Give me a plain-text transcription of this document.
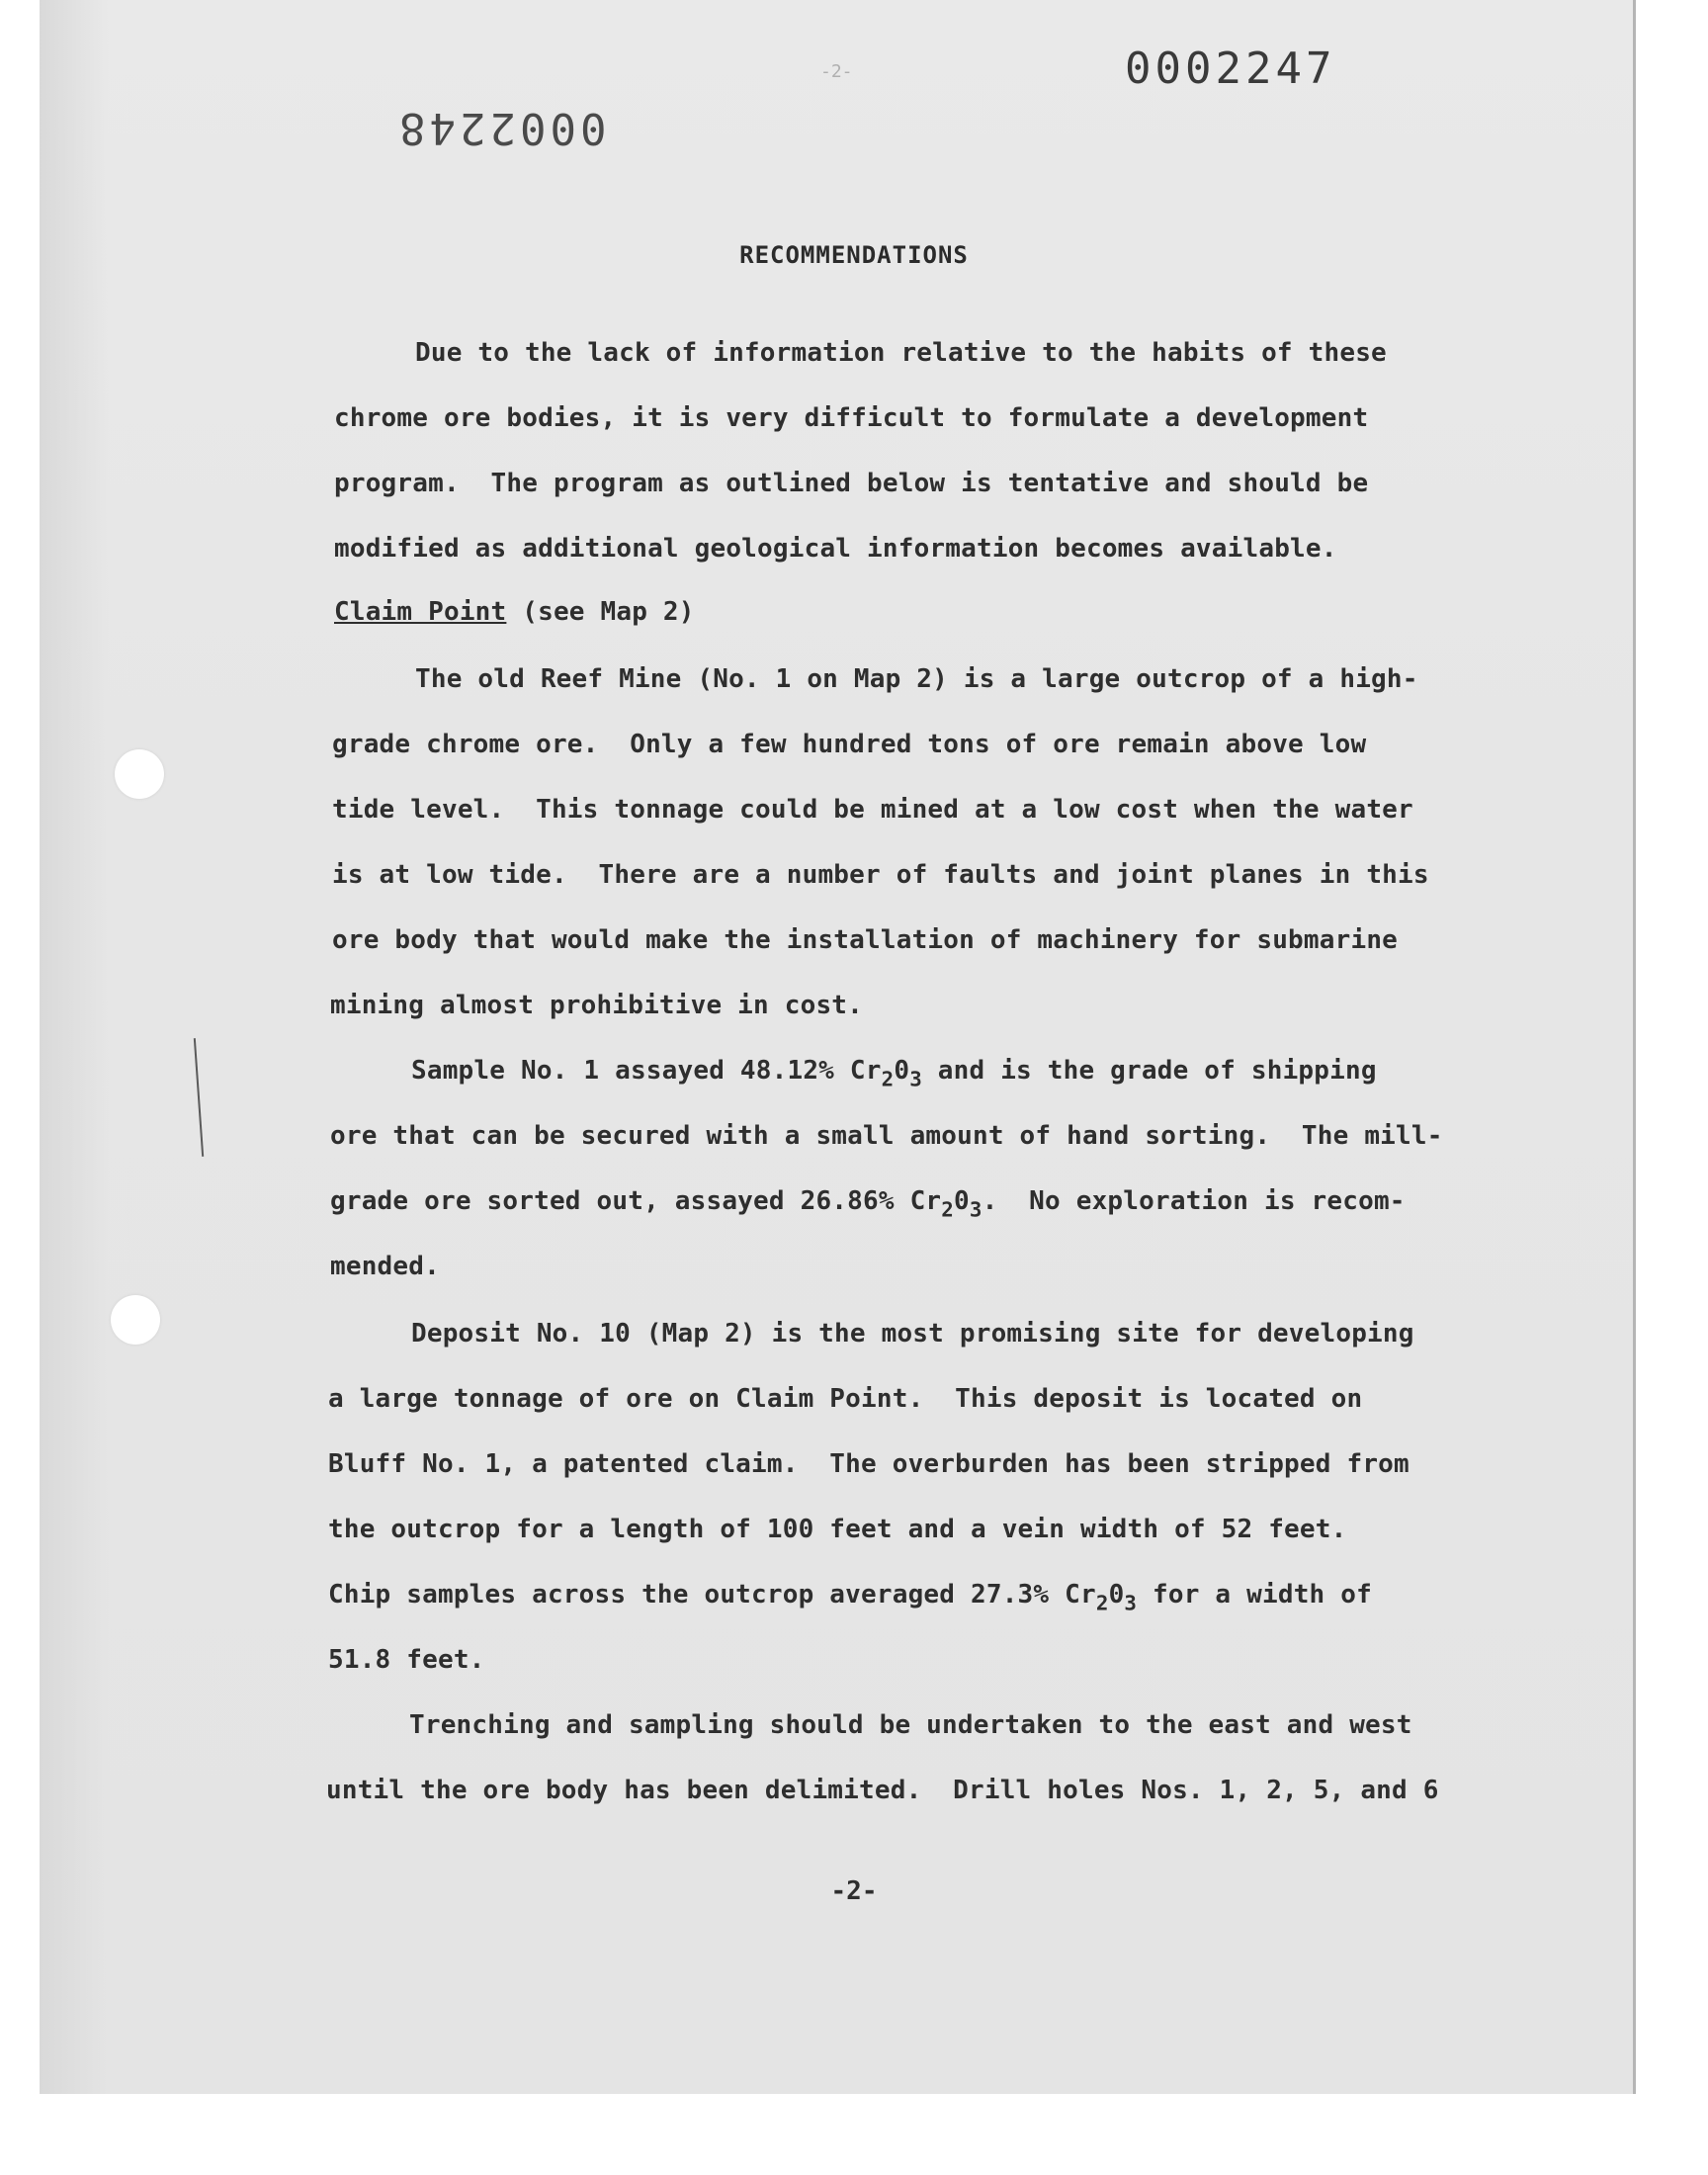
0002247
0002248
-2-
RECOMMENDATIONS
Due to the lack of information relative to the habits of these
chrome ore bodies, it is very difficult to formulate a development
program.  The program as outlined below is tentative and should be
modified as additional geological information becomes available.
Claim Point (see Map 2)
The old Reef Mine (No. 1 on Map 2) is a large outcrop of a high-
grade chrome ore.  Only a few hundred tons of ore remain above low
tide level.  This tonnage could be mined at a low cost when the water
is at low tide.  There are a number of faults and joint planes in this
ore body that would make the installation of machinery for submarine
mining almost prohibitive in cost.
Sample No. 1 assayed 48.12% $Cr_20_3$ and is the grade of shipping
ore that can be secured with a small amount of hand sorting.  The mill-
grade ore sorted out, assayed 26.86% $Cr_20_3$.  No exploration is recom-
mended.
Deposit No. 10 (Map 2) is the most promising site for developing
a large tonnage of ore on Claim Point.  This deposit is located on
Bluff No. 1, a patented claim.  The overburden has been stripped from
the outcrop for a length of 100 feet and a vein width of 52 feet.
Chip samples across the outcrop averaged 27.3% $Cr_20_3$ for a width of
51.8 feet.
Trenching and sampling should be undertaken to the east and west
until the ore body has been delimited.  Drill holes Nos. 1, 2, 5, and 6
-2-
